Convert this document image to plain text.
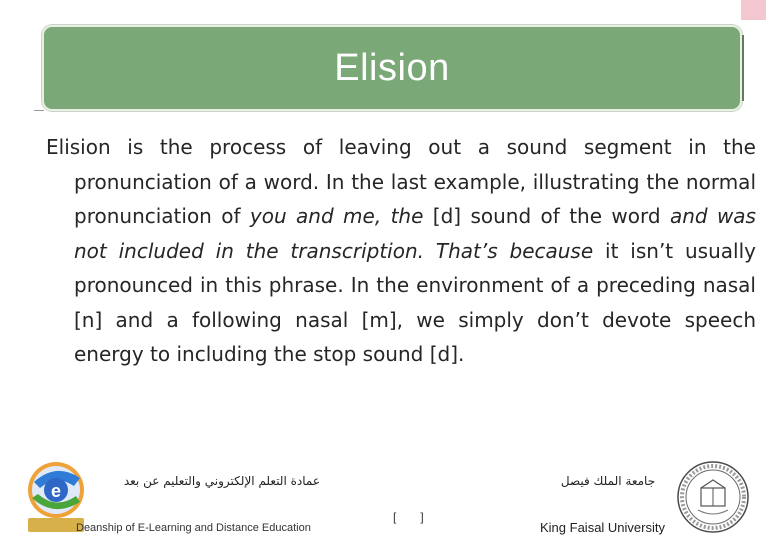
Elision
Elision is the process of leaving out a sound segment in the pronunciation of a word. In the last example, illustrating the normal pronunciation of you and me, the [d] sound of the word and was not included in the transcription. That’s because it isn’t usually pronounced in this phrase. In the environment of a preceding nasal [n] and a following nasal [m], we simply don’t devote speech energy to including the stop sound [d].
e	عمادة التعلم الإلكتروني والتعليم عن بعد
Deanship of E-Learning and Distance Education
[ ]
جامعة الملك فيصل
King Faisal University
